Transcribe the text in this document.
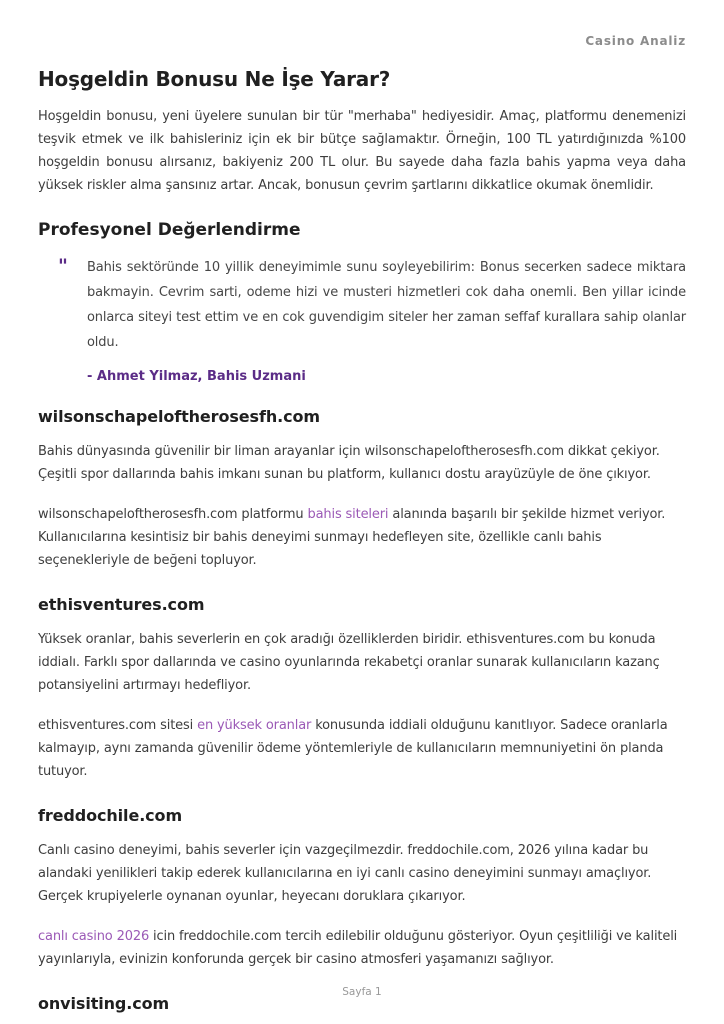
Casino Analiz
Hoşgeldin Bonusu Ne İşe Yarar?

Hoşgeldin bonusu, yeni üyelere sunulan bir tür "merhaba" hediyesidir. Amaç, platformu denemenizi teşvik etmek ve ilk bahisleriniz için ek bir bütçe sağlamaktır. Örneğin, 100 TL yatırdığınızda %100 hoşgeldin bonusu alırsanız, bakiyeniz 200 TL olur. Bu sayede daha fazla bahis yapma veya daha yüksek riskler alma şansınız artar. Ancak, bonusun çevrim şartlarını dikkatlice okumak önemlidir.

Profesyonel Değerlendirme
"	Bahis sektöründe 10 yillik deneyimimle sunu soyleyebilirim: Bonus secerken sadece miktara bakmayin. Cevrim sarti, odeme hizi ve musteri hizmetleri cok daha onemli. Ben yillar icinde onlarca siteyi test ettim ve en cok guvendigim siteler her zaman seffaf kurallara sahip olanlar oldu.
- Ahmet Yilmaz, Bahis Uzmani
wilsonschapeloftherosesfh.com

Bahis dünyasında güvenilir bir liman arayanlar için wilsonschapeloftherosesfh.com dikkat çekiyor. Çeşitli spor dallarında bahis imkanı sunan bu platform, kullanıcı dostu arayüzüyle de öne çıkıyor.

wilsonschapeloftherosesfh.com platformu bahis siteleri alanında başarılı bir şekilde hizmet veriyor. Kullanıcılarına kesintisiz bir bahis deneyimi sunmayı hedefleyen site, özellikle canlı bahis seçenekleriyle de beğeni topluyor.

ethisventures.com

Yüksek oranlar, bahis severlerin en çok aradığı özelliklerden biridir. ethisventures.com bu konuda iddialı. Farklı spor dallarında ve casino oyunlarında rekabetçi oranlar sunarak kullanıcıların kazanç potansiyelini artırmayı hedefliyor.

ethisventures.com sitesi en yüksek oranlar konusunda iddiali olduğunu kanıtlıyor. Sadece oranlarla kalmayıp, aynı zamanda güvenilir ödeme yöntemleriyle de kullanıcıların memnuniyetini ön planda tutuyor.

freddochile.com

Canlı casino deneyimi, bahis severler için vazgeçilmezdir. freddochile.com, 2026 yılına kadar bu alandaki yenilikleri takip ederek kullanıcılarına en iyi canlı casino deneyimini sunmayı amaçlıyor. Gerçek krupiyelerle oynanan oyunlar, heyecanı doruklara çıkarıyor.

canlı casino 2026 icin freddochile.com tercih edilebilir olduğunu gösteriyor. Oyun çeşitliliği ve kaliteli yayınlarıyla, evinizin konforunda gerçek bir casino atmosferi yaşamanızı sağlıyor.

onvisiting.com
Sayfa 1
